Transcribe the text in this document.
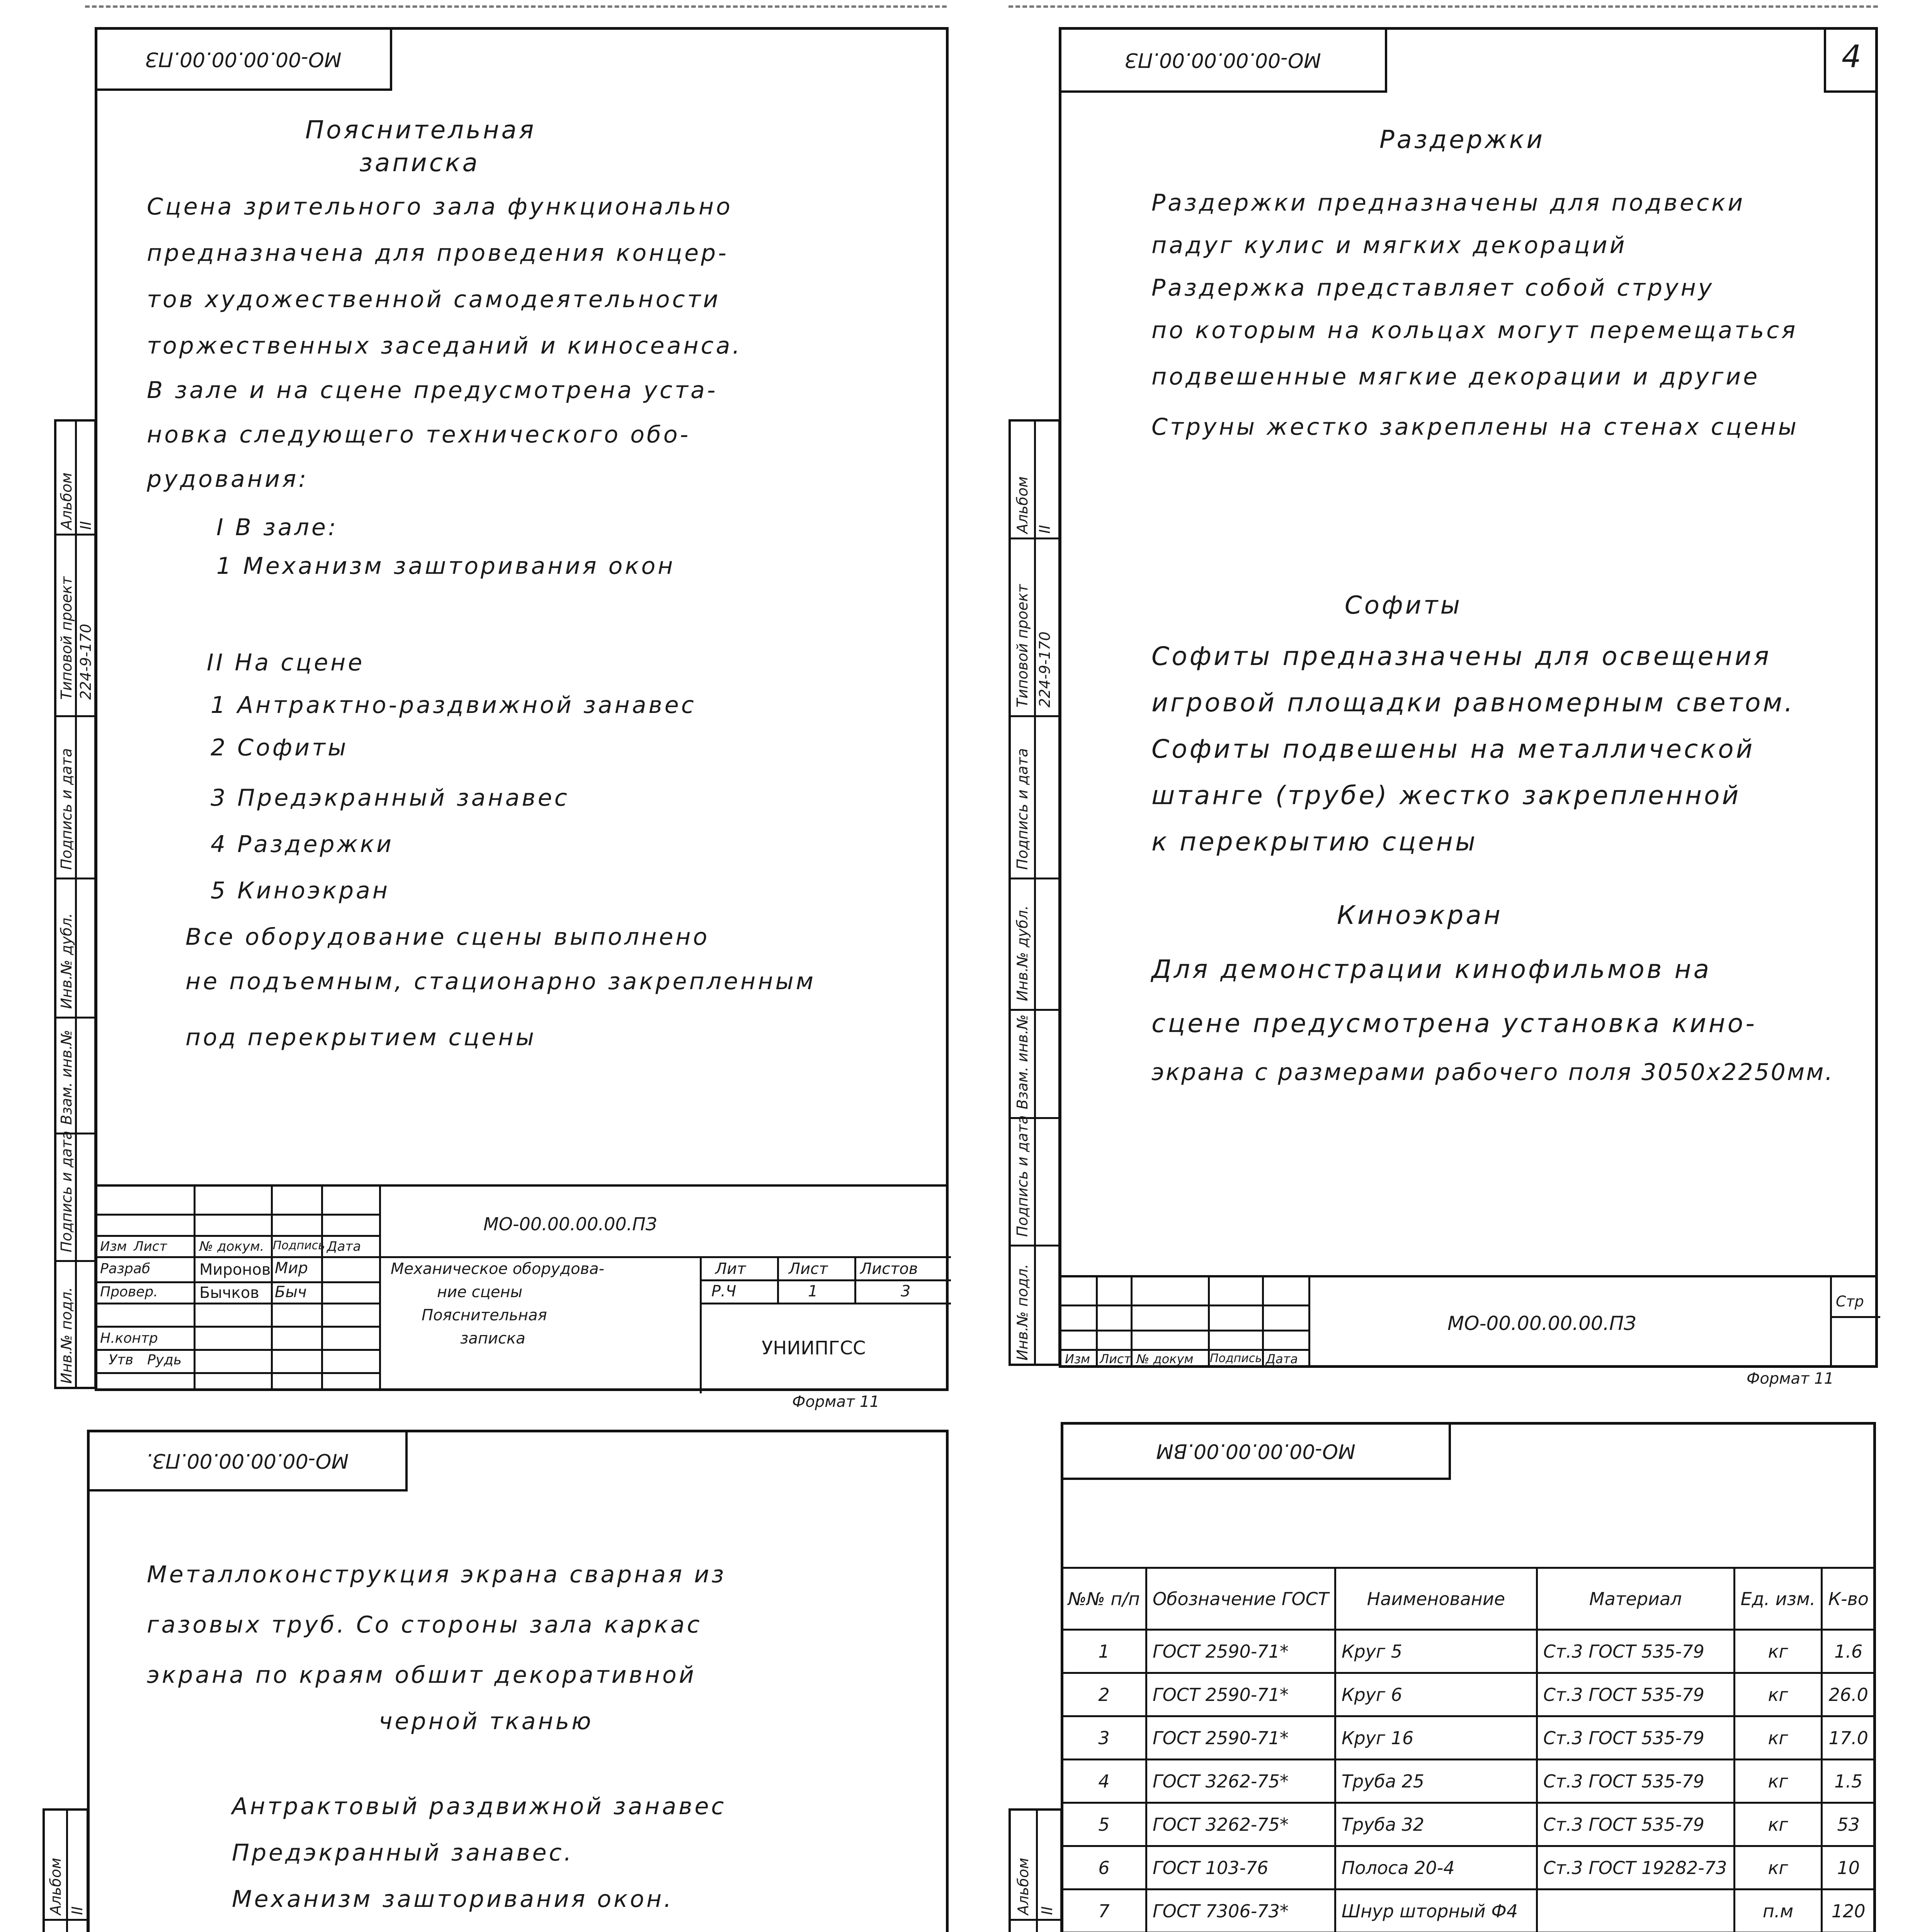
МО-00.00.00.00.ПЗ
Альбом
Типовой проект 224-9-170
II
Подпись и дата
Инв.№ дубл.
Взам. инв.№
Подпись и дата
Инв.№ подл.
Пояснительная
записка
Сцена зрительного зала функционально
предназначена для проведения концер-
тов художественной самодеятельности
торжественных заседаний и киносеанса.
В зале и на сцене предусмотрена уста-
новка следующего технического обо-
рудования:
I В зале:
1 Механизм зашторивания окон
II На сцене
1 Антрактно-раздвижной занавес
2 Софиты
3 Предэкранный занавес
4 Раздержки
5 Киноэкран
Все оборудование сцены выполнено
не подъемным, стационарно закрепленным
под перекрытием сцены
МО-00.00.00.00.ПЗ
Изм Лист № докум. Подпись Дата
Разраб	Миронов Мир
Провер.	Бычков Быч
Н.контр
Утв Рудь
Механическое оборудова-
ние сцены
Пояснительная
записка
Лит	Лист Листов
Р.Ч	1	3
УНИИПГСС
Формат 11
МО-00.00.00.00.ПЗ	4
Альбом
Типовой проект 224-9-170
II
Подпись и дата
Инв.№ дубл.
Взам. инв.№
Подпись и дата
Инв.№ подл.
Раздержки
Раздержки предназначены для подвески
падуг кулис и мягких декораций
Раздержка представляет собой струну
по которым на кольцах могут перемещаться
подвешенные мягкие декорации и другие
Струны жестко закреплены на стенах сцены
Софиты
Софиты предназначены для освещения
игровой площадки равномерным светом.
Софиты подвешены на металлической
штанге (трубе) жестко закрепленной
к перекрытию сцены
Киноэкран
Для демонстрации кинофильмов на
сцене предусмотрена установка кино-
экрана с размерами рабочего поля 3050х2250мм.
Изм Лист № докум Подпись Дата
МО-00.00.00.00.ПЗ
Стр
Формат 11
МО-00.00.00.00.ПЗ.
Альбом II
Металлоконструкция экрана сварная из
газовых труб. Со стороны зала каркас
экрана по краям обшит декоративной
черной тканью
Антрактовый раздвижной занавес
Предэкранный занавес.
Механизм зашторивания окон.
МО-00.00.00.00.ВМ
Альбом II
№№ п/п	Обозначение ГОСТ	Наименование	Материал	Ед. изм.	К-во
1	ГОСТ 2590-71*	Круг 5	Ст.3 ГОСТ 535-79	кг	1.6
2	ГОСТ 2590-71*	Круг 6	Ст.3 ГОСТ 535-79	кг	26.0
3	ГОСТ 2590-71*	Круг 16	Ст.3 ГОСТ 535-79	кг	17.0
4	ГОСТ 3262-75*	Труба 25	Ст.3 ГОСТ 535-79	кг	1.5
5	ГОСТ 3262-75*	Труба 32	Ст.3 ГОСТ 535-79	кг	53
6	ГОСТ 103-76	Полоса 20-4	Ст.3 ГОСТ 19282-73	кг	10
7	ГОСТ 7306-73*	Шнур шторный Ф4		п.м	120
